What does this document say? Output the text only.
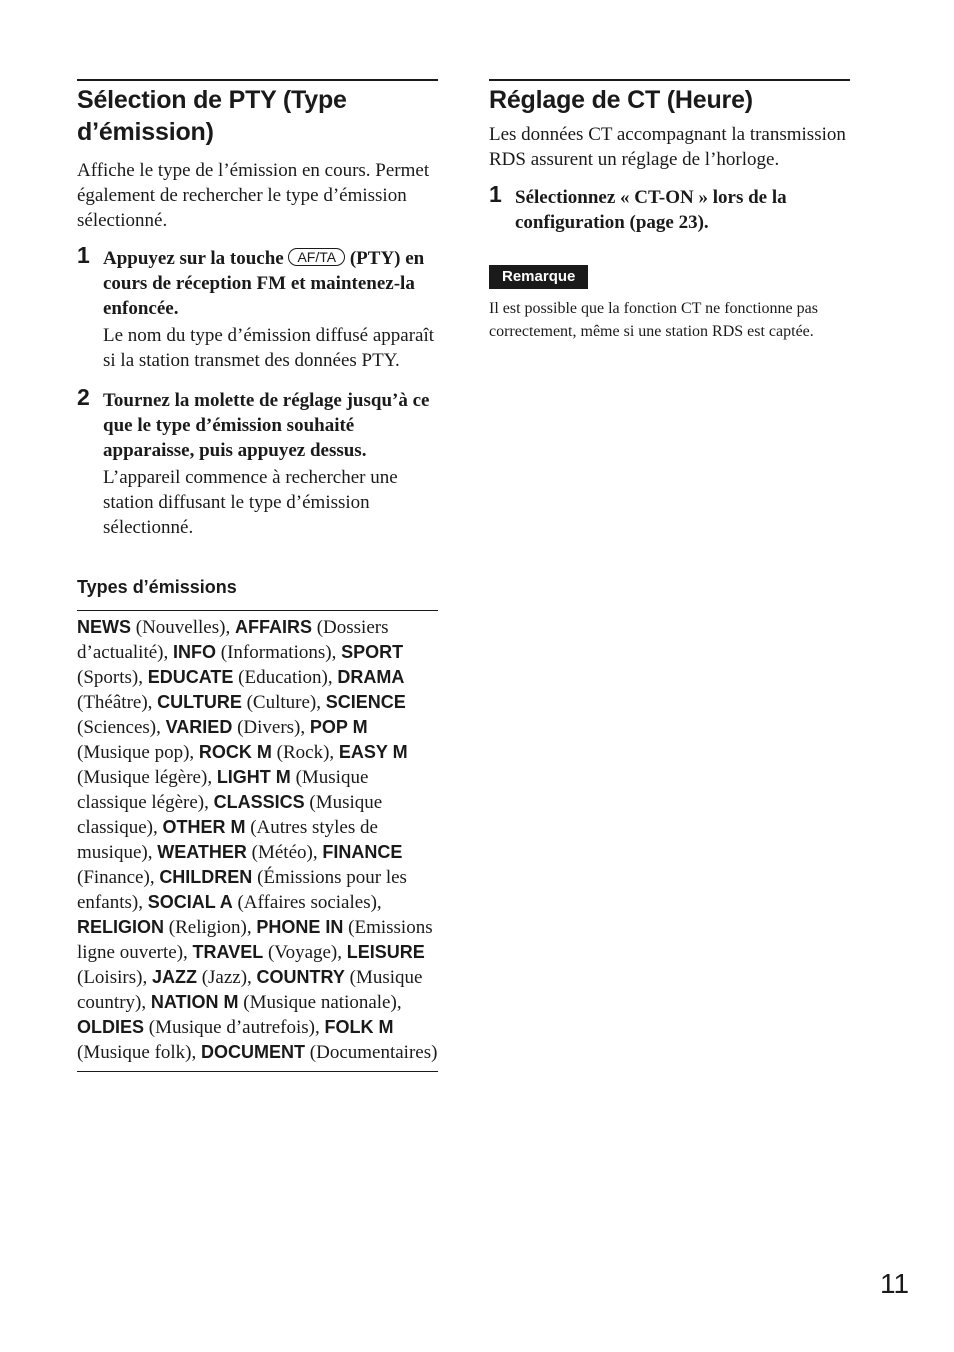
Sélection de PTY (Type d’émission)

Affiche le type de l’émission en cours. Permet également de rechercher le type d’émission sélectionné.

1 Appuyez sur la touche AF/TA (PTY) en cours de réception FM et maintenez-la enfoncée.
Le nom du type d’émission diffusé apparaît si la station transmet des données PTY.
2 Tournez la molette de réglage jusqu’à ce que le type d’émission souhaité apparaisse, puis appuyez dessus.
L’appareil commence à rechercher une station diffusant le type d’émission sélectionné.
Types d’émissions
NEWS (Nouvelles), AFFAIRS (Dossiers d’actualité), INFO (Informations), SPORT (Sports), EDUCATE (Education), DRAMA (Théâtre), CULTURE (Culture), SCIENCE (Sciences), VARIED (Divers), POP M (Musique pop), ROCK M (Rock), EASY M (Musique légère), LIGHT M (Musique classique légère), CLASSICS (Musique classique), OTHER M (Autres styles de musique), WEATHER (Météo), FINANCE (Finance), CHILDREN (Émissions pour les enfants), SOCIAL A (Affaires sociales), RELIGION (Religion), PHONE IN (Emissions ligne ouverte), TRAVEL (Voyage), LEISURE (Loisirs), JAZZ (Jazz), COUNTRY (Musique country), NATION M (Musique nationale), OLDIES (Musique d’autrefois), FOLK M (Musique folk), DOCUMENT (Documentaires)
Réglage de CT (Heure)

Les données CT accompagnant la transmission RDS assurent un réglage de l’horloge.

1 Sélectionnez « CT-ON » lors de la configuration (page 23).
Remarque

Il est possible que la fonction CT ne fonctionne pas correctement, même si une station RDS est captée.

11
